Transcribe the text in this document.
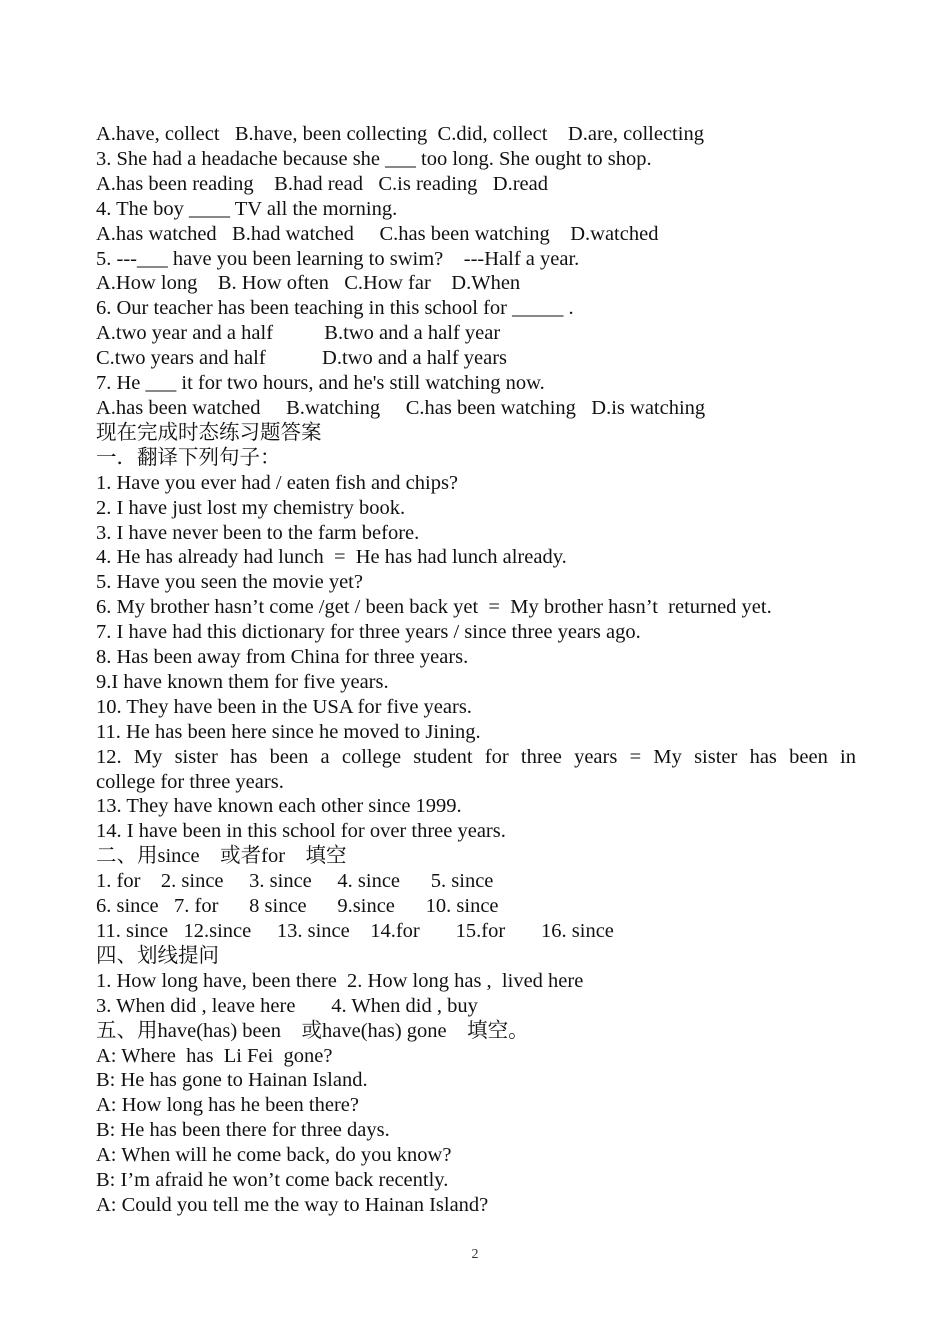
A.have, collect   B.have, been collecting  C.did, collect    D.are, collecting
3. She had a headache because she ___ too long. She ought to shop.
A.has been reading    B.had read   C.is reading   D.read
4. The boy ____ TV all the morning.
A.has watched   B.had watched     C.has been watching    D.watched
5. ---___ have you been learning to swim?    ---Half a year.
A.How long    B. How often   C.How far    D.When
6. Our teacher has been teaching in this school for _____ .
A.two year and a half          B.two and a half year
C.two years and half           D.two and a half years
7. He ___ it for two hours, and he's still watching now.
A.has been watched     B.watching     C.has been watching   D.is watching
现在完成时态练习题答案
一．翻译下列句子：
1. Have you ever had / eaten fish and chips?
2. I have just lost my chemistry book.
3. I have never been to the farm before.
4. He has already had lunch  =  He has had lunch already.
5. Have you seen the movie yet?
6. My brother hasn’t come /get / been back yet  =  My brother hasn’t  returned yet.
7. I have had this dictionary for three years / since three years ago.
8. Has been away from China for three years.
9.I have known them for five years.
10. They have been in the USA for five years.
11. He has been here since he moved to Jining.
12. My sister has been a college student for three years = My sister has been in
college for three years.
13. They have known each other since 1999.
14. I have been in this school for over three years.
二、用since    或者for    填空
1. for    2. since     3. since     4. since      5. since
6. since   7. for      8 since      9.since      10. since
11. since   12.since     13. since    14.for       15.for       16. since
四、划线提问
1. How long have, been there  2. How long has ,  lived here
3. When did , leave here       4. When did , buy
五、用have(has) been    或have(has) gone    填空。
A: Where  has  Li Fei  gone?
B: He has gone to Hainan Island.
A: How long has he been there?
B: He has been there for three days.
A: When will he come back, do you know?
B: I’m afraid he won’t come back recently.
A: Could you tell me the way to Hainan Island?
2
